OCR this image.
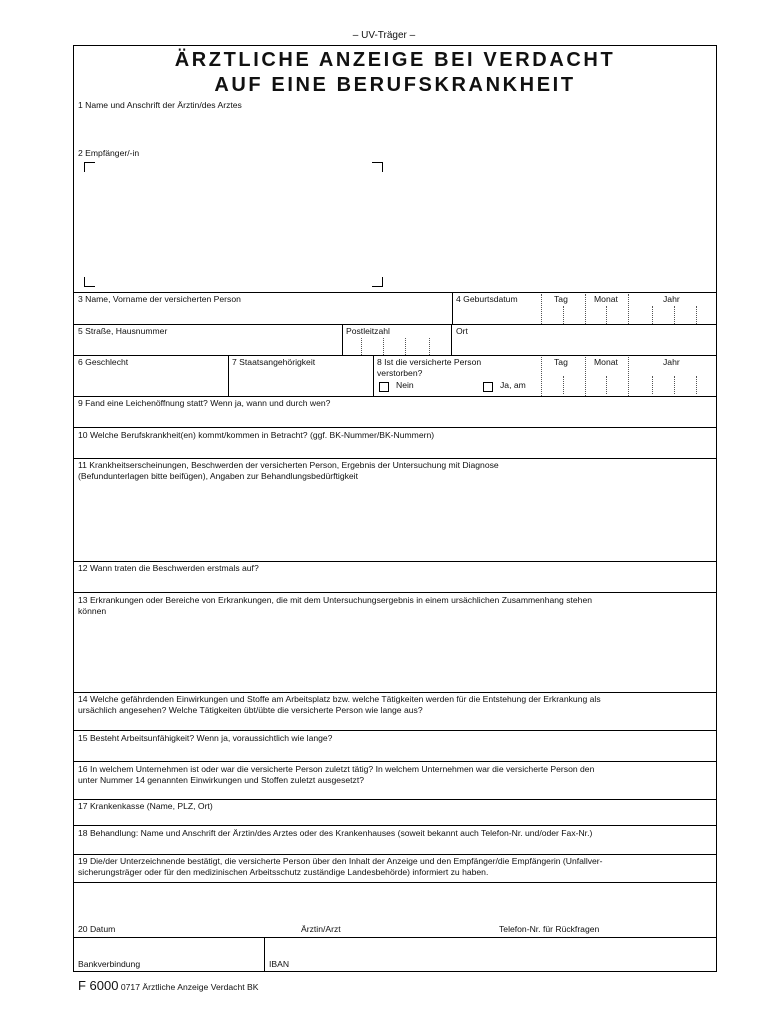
– UV-Träger –
ÄRZTLICHE ANZEIGE BEI VERDACHT
AUF EINE BERUFSKRANKHEIT
1 Name und Anschrift der Ärztin/des Arztes
2 Empfänger/-in
3 Name, Vorname der versicherten Person	4 Geburtsdatum	Tag	Monat	Jahr
5 Straße, Hausnummer	Postleitzahl	Ort
6 Geschlecht	7 Staatsangehörigkeit	8 Ist die versicherte Person verstorben?
Nein	Ja, am
Tag	Monat	Jahr
9 Fand eine Leichenöffnung statt? Wenn ja, wann und durch wen?
10 Welche Berufskrankheit(en) kommt/kommen in Betracht? (ggf. BK-Nummer/BK-Nummern)
11 Krankheitserscheinungen, Beschwerden der versicherten Person, Ergebnis der Untersuchung mit Diagnose
(Befundunterlagen bitte beifügen), Angaben zur Behandlungsbedürftigkeit
12 Wann traten die Beschwerden erstmals auf?
13 Erkrankungen oder Bereiche von Erkrankungen, die mit dem Untersuchungsergebnis in einem ursächlichen Zusammenhang stehen
können
14 Welche gefährdenden Einwirkungen und Stoffe am Arbeitsplatz bzw. welche Tätigkeiten werden für die Entstehung der Erkrankung als
ursächlich angesehen? Welche Tätigkeiten übt/übte die versicherte Person wie lange aus?
15 Besteht Arbeitsunfähigkeit? Wenn ja, voraussichtlich wie lange?
16 In welchem Unternehmen ist oder war die versicherte Person zuletzt tätig? In welchem Unternehmen war die versicherte Person den
unter Nummer 14 genannten Einwirkungen und Stoffen zuletzt ausgesetzt?
17 Krankenkasse (Name, PLZ, Ort)
18 Behandlung: Name und Anschrift der Ärztin/des Arztes oder des Krankenhauses (soweit bekannt auch Telefon-Nr. und/oder Fax-Nr.)
19 Die/der Unterzeichnende bestätigt, die versicherte Person über den Inhalt der Anzeige und den Empfänger/die Empfängerin (Unfallver-
sicherungsträger oder für den medizinischen Arbeitsschutz zuständige Landesbehörde) informiert zu haben.
20 Datum	Ärztin/Arzt	Telefon-Nr. für Rückfragen
Bankverbindung	IBAN
F 6000 0717 Ärztliche Anzeige Verdacht BK
